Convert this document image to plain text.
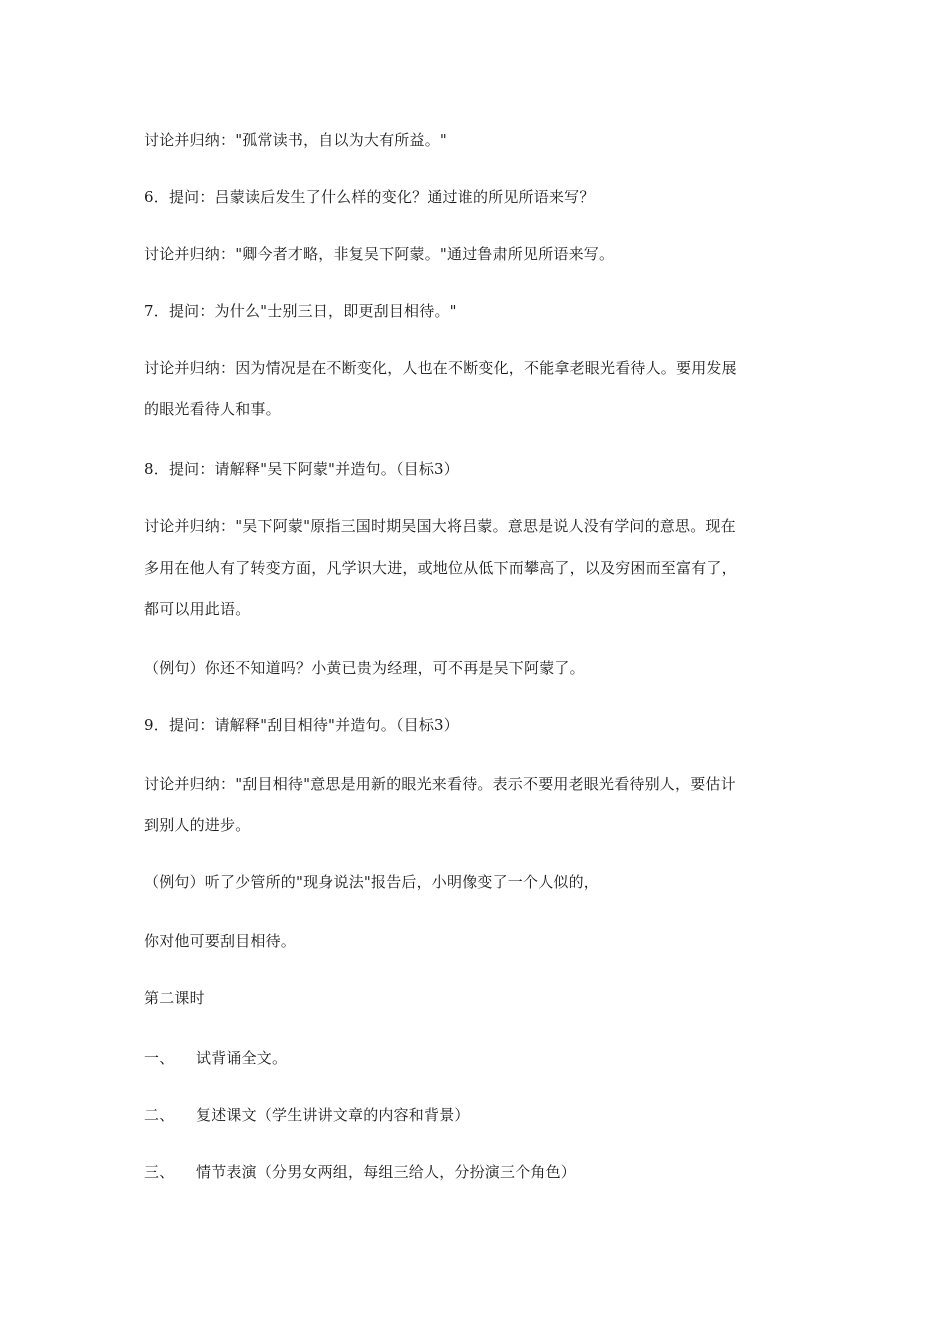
讨论并归纳："孤常读书，自以为大有所益。"
6．提问：吕蒙读后发生了什么样的变化？通过谁的所见所语来写？
讨论并归纳："卿今者才略，非复吴下阿蒙。"通过鲁肃所见所语来写。
7．提问：为什么"士别三日，即更刮目相待。"
讨论并归纳：因为情况是在不断变化，人也在不断变化，不能拿老眼光看待人。要用发展
的眼光看待人和事。
8．提问：请解释"吴下阿蒙"并造句。（目标3）
讨论并归纳："吴下阿蒙"原指三国时期吴国大将吕蒙。意思是说人没有学问的意思。现在
多用在他人有了转变方面，凡学识大进，或地位从低下而攀高了，以及穷困而至富有了，
都可以用此语。
（例句）你还不知道吗？小黄已贵为经理，可不再是吴下阿蒙了。
9．提问：请解释"刮目相待"并造句。（目标3）
讨论并归纳："刮目相待"意思是用新的眼光来看待。表示不要用老眼光看待别人，要估计
到别人的进步。
（例句）听了少管所的"现身说法"报告后，小明像变了一个人似的，
你对他可要刮目相待。
第二课时
一、 试背诵全文。
二、 复述课文（学生讲讲文章的内容和背景）
三、 情节表演（分男女两组，每组三给人，分扮演三个角色）
